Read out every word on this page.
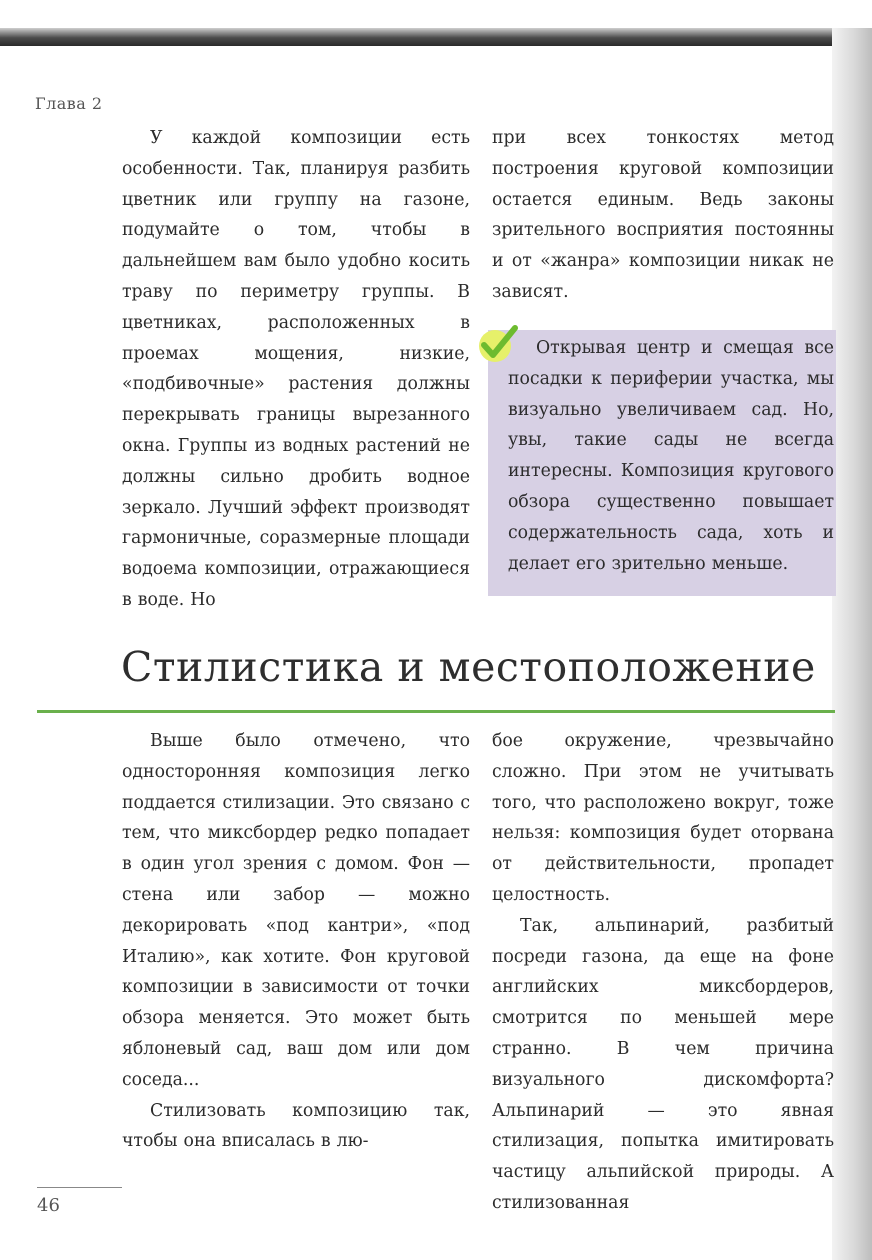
Глава 2

У каждой композиции есть особенности. Так, планируя разбить цветник или группу на газоне, подумайте о том, чтобы в дальнейшем вам было удобно косить траву по периметру группы. В цветниках, расположенных в проемах мощения, низкие, «подбивочные» растения должны перекрывать границы вырезанного окна. Группы из водных растений не должны сильно дробить водное зеркало. Лучший эффект производят гармоничные, соразмерные площади водоема композиции, отражающиеся в воде. Но

при всех тонкостях метод построения круговой композиции остается единым. Ведь законы зрительного восприятия постоянны и от «жанра» композиции никак не зависят.

Открывая центр и смещая все посадки к периферии участка, мы визуально увеличиваем сад. Но, увы, такие сады не всегда интересны. Композиция кругового обзора существенно повышает содержательность сада, хоть и делает его зрительно меньше.

Стилистика и местоположение

Выше было отмечено, что односторонняя композиция легко поддается стилизации. Это связано с тем, что миксбордер редко попадает в один угол зрения с домом. Фон — стена или забор — можно декорировать «под кантри», «под Италию», как хотите. Фон круговой композиции в зависимости от точки обзора меняется. Это может быть яблоневый сад, ваш дом или дом соседа...

Стилизовать композицию так, чтобы она вписалась в лю-

бое окружение, чрезвычайно сложно. При этом не учитывать того, что расположено вокруг, тоже нельзя: композиция будет оторвана от действительности, пропадет целостность.

Так, альпинарий, разбитый посреди газона, да еще на фоне английских миксбордеров, смотрится по меньшей мере странно. В чем причина визуального дискомфорта? Альпинарий — это явная стилизация, попытка имитировать частицу альпийской природы. А стилизованная

46
